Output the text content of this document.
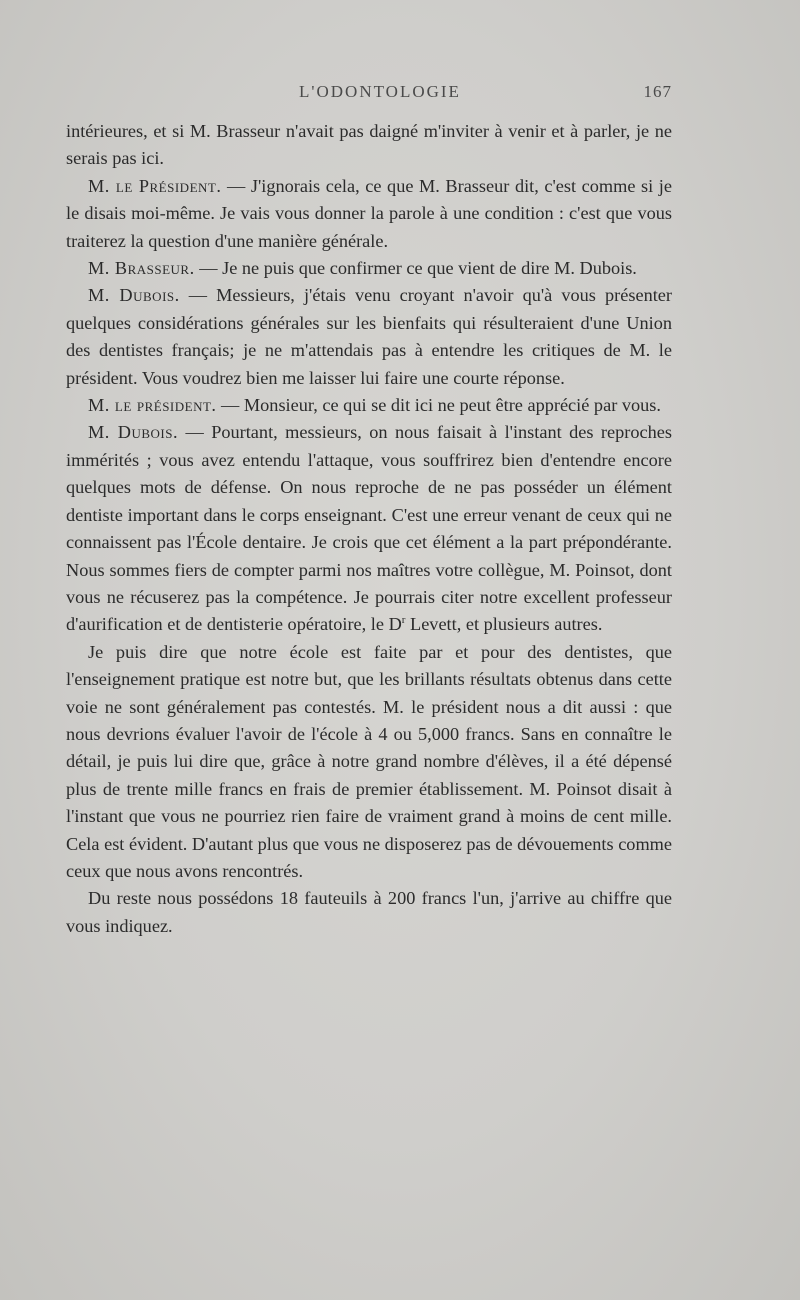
L'ODONTOLOGIE	167

intérieures, et si M. Brasseur n'avait pas daigné m'inviter à venir et à parler, je ne serais pas ici.

M. le Président. — J'ignorais cela, ce que M. Brasseur dit, c'est comme si je le disais moi-même. Je vais vous donner la parole à une condition : c'est que vous traiterez la question d'une manière générale.

M. Brasseur. — Je ne puis que confirmer ce que vient de dire M. Dubois.

M. Dubois. — Messieurs, j'étais venu croyant n'avoir qu'à vous présenter quelques considérations générales sur les bienfaits qui résulteraient d'une Union des dentistes français; je ne m'attendais pas à entendre les critiques de M. le président. Vous voudrez bien me laisser lui faire une courte réponse.

M. le président. — Monsieur, ce qui se dit ici ne peut être apprécié par vous.

M. Dubois. — Pourtant, messieurs, on nous faisait à l'instant des reproches immérités ; vous avez entendu l'attaque, vous souffrirez bien d'entendre encore quelques mots de défense. On nous reproche de ne pas posséder un élément dentiste important dans le corps enseignant. C'est une erreur venant de ceux qui ne connaissent pas l'École dentaire. Je crois que cet élément a la part prépondérante. Nous sommes fiers de compter parmi nos maîtres votre collègue, M. Poinsot, dont vous ne récuserez pas la compétence. Je pourrais citer notre excellent professeur d'aurification et de dentisterie opératoire, le $D^r$ Levett, et plusieurs autres.

Je puis dire que notre école est faite par et pour des dentistes, que l'enseignement pratique est notre but, que les brillants résultats obtenus dans cette voie ne sont généralement pas contestés. M. le président nous a dit aussi : que nous devrions évaluer l'avoir de l'école à 4 ou 5,000 francs. Sans en connaître le détail, je puis lui dire que, grâce à notre grand nombre d'élèves, il a été dépensé plus de trente mille francs en frais de premier établissement. M. Poinsot disait à l'instant que vous ne pourriez rien faire de vraiment grand à moins de cent mille. Cela est évident. D'autant plus que vous ne disposerez pas de dévouements comme ceux que nous avons rencontrés.

Du reste nous possédons 18 fauteuils à 200 francs l'un, j'arrive au chiffre que vous indiquez.
